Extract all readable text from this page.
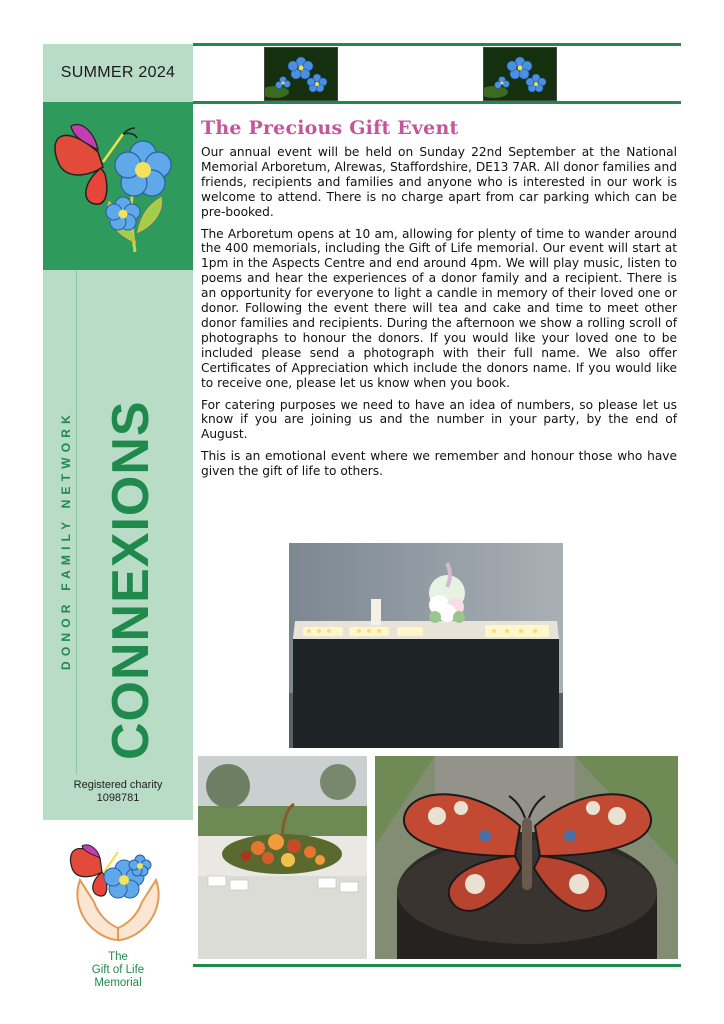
SUMMER 2024
DONOR FAMILY NETWORK CONNEXIONS
Registered charity
1098781
The
Gift of Life
Memorial
The Precious Gift Event

Our annual event will be held on Sunday 22nd September at the National Memorial Arboretum, Alrewas, Staffordshire, DE13 7AR. All donor families and friends, recipients and families and anyone who is interested in our work is welcome to attend. There is no charge apart from car parking which can be pre-booked.

The Arboretum opens at 10 am, allowing for plenty of time to wander around the 400 memorials, including the Gift of Life memorial. Our event will start at 1pm in the Aspects Centre and end around 4pm. We will play music, listen to poems and hear the experiences of a donor family and a recipient. There is an opportunity for everyone to light a candle in memory of their loved one or donor. Following the event there will tea and cake and time to meet other donor families and recipients. During the afternoon we show a rolling scroll of photographs to honour the donors. If you would like your loved one to be included please send a photograph with their full name. We also offer Certificates of Appreciation which include the donors name. If you would like to receive one, please let us know when you book.

For catering purposes we need to have an idea of numbers, so please let us know if you are joining us and the number in your party, by the end of August.

This is an emotional event where we remember and honour those who have given the gift of life to others.
